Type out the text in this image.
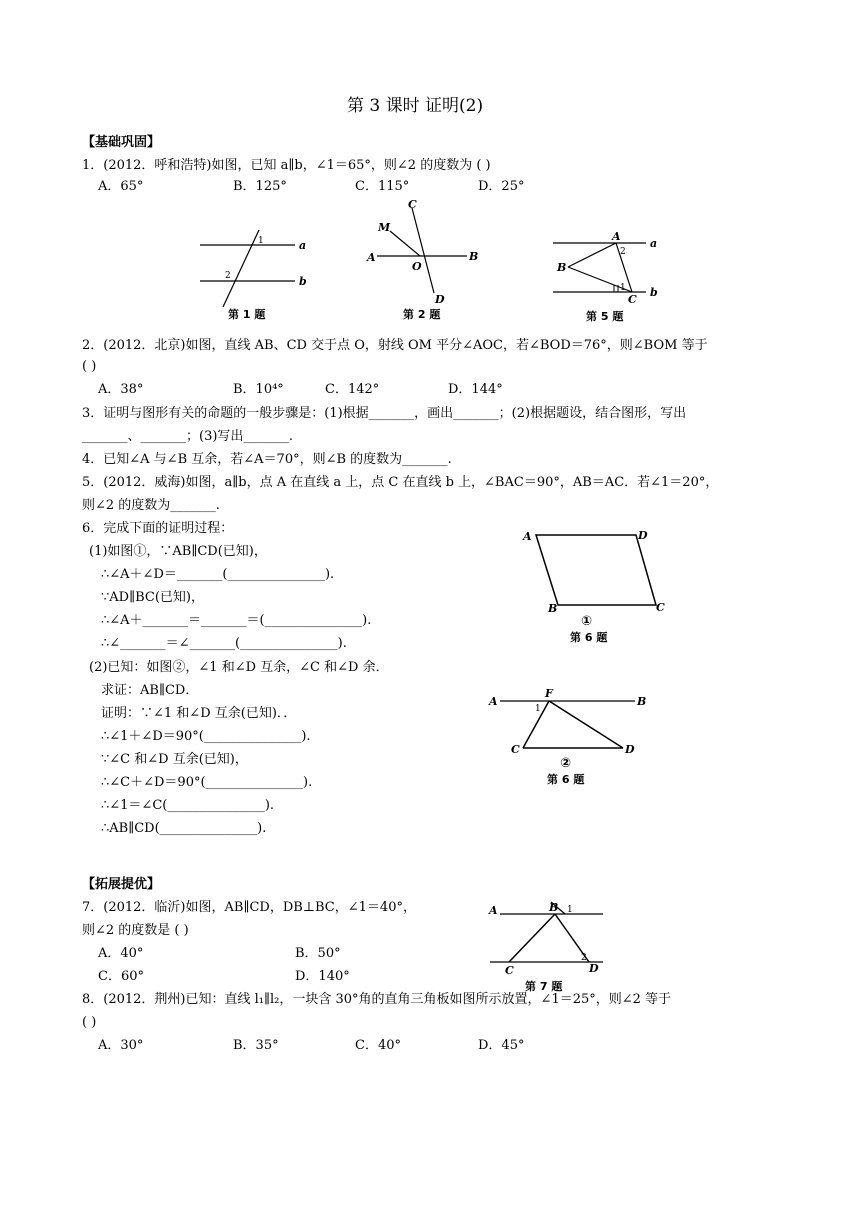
第 3 课时 证明(2)
【基础巩固】
1．(2012．呼和浩特)如图，已知 a∥b，∠1＝65°，则∠2 的度数为 ( )
A．65°	B．125°	C．115°	D．25°
1
2
a
b
第 1 题
C
M
A
O
B
D
第 2 题
A
2
a
B
1
C
b
第 5 题
2．(2012．北京)如图，直线 AB、CD 交于点 O，射线 OM 平分∠AOC，若∠BOD＝76°，则∠BOM 等于
( )
A．38°	B．10⁴°	C．142°	D．144°
3．证明与图形有关的命题的一般步骤是：(1)根据_______，画出_______；(2)根据题设，结合图形，写出
_______、_______；(3)写出_______.
4．已知∠A 与∠B 互余，若∠A＝70°，则∠B 的度数为_______.
5．(2012．威海)如图，a∥b，点 A 在直线 a 上，点 C 在直线 b 上，∠BAC＝90°，AB＝AC．若∠1＝20°，
则∠2 的度数为_______.
6．完成下面的证明过程：
(1)如图①，∵AB∥CD(已知)，
∴∠A＋∠D＝_______(_______________).
∵AD∥BC(已知)，
∴∠A＋_______＝_______＝(_______________).
∴∠_______＝∠_______(_______________).
(2)已知：如图②，∠1 和∠D 互余，∠C 和∠D 余．
求证：AB∥CD．
证明：∵∠1 和∠D 互余(已知)．．
∴∠1＋∠D＝90°(_______________).
∵∠C 和∠D 互余(已知)，
∴∠C＋∠D＝90°(_______________).
∴∠1＝∠C(_______________).
∴AB∥CD(_______________).
A	D
B	C
①
第 6 题
A
F
B
1
C	D
②
第 6 题
【拓展提优】
7．(2012．临沂)如图，AB∥CD，DB⊥BC，∠1＝40°，
则∠2 的度数是 ( )
A．40°	B．50°
C．60°	D．140°
A	B 1
C
2
D
第 7 题
8．(2012．荆州)已知：直线 l₁∥l₂，一块含 30°角的直角三角板如图所示放置，∠1＝25°，则∠2 等于
( )
A．30°	B．35°	C．40°	D．45°
